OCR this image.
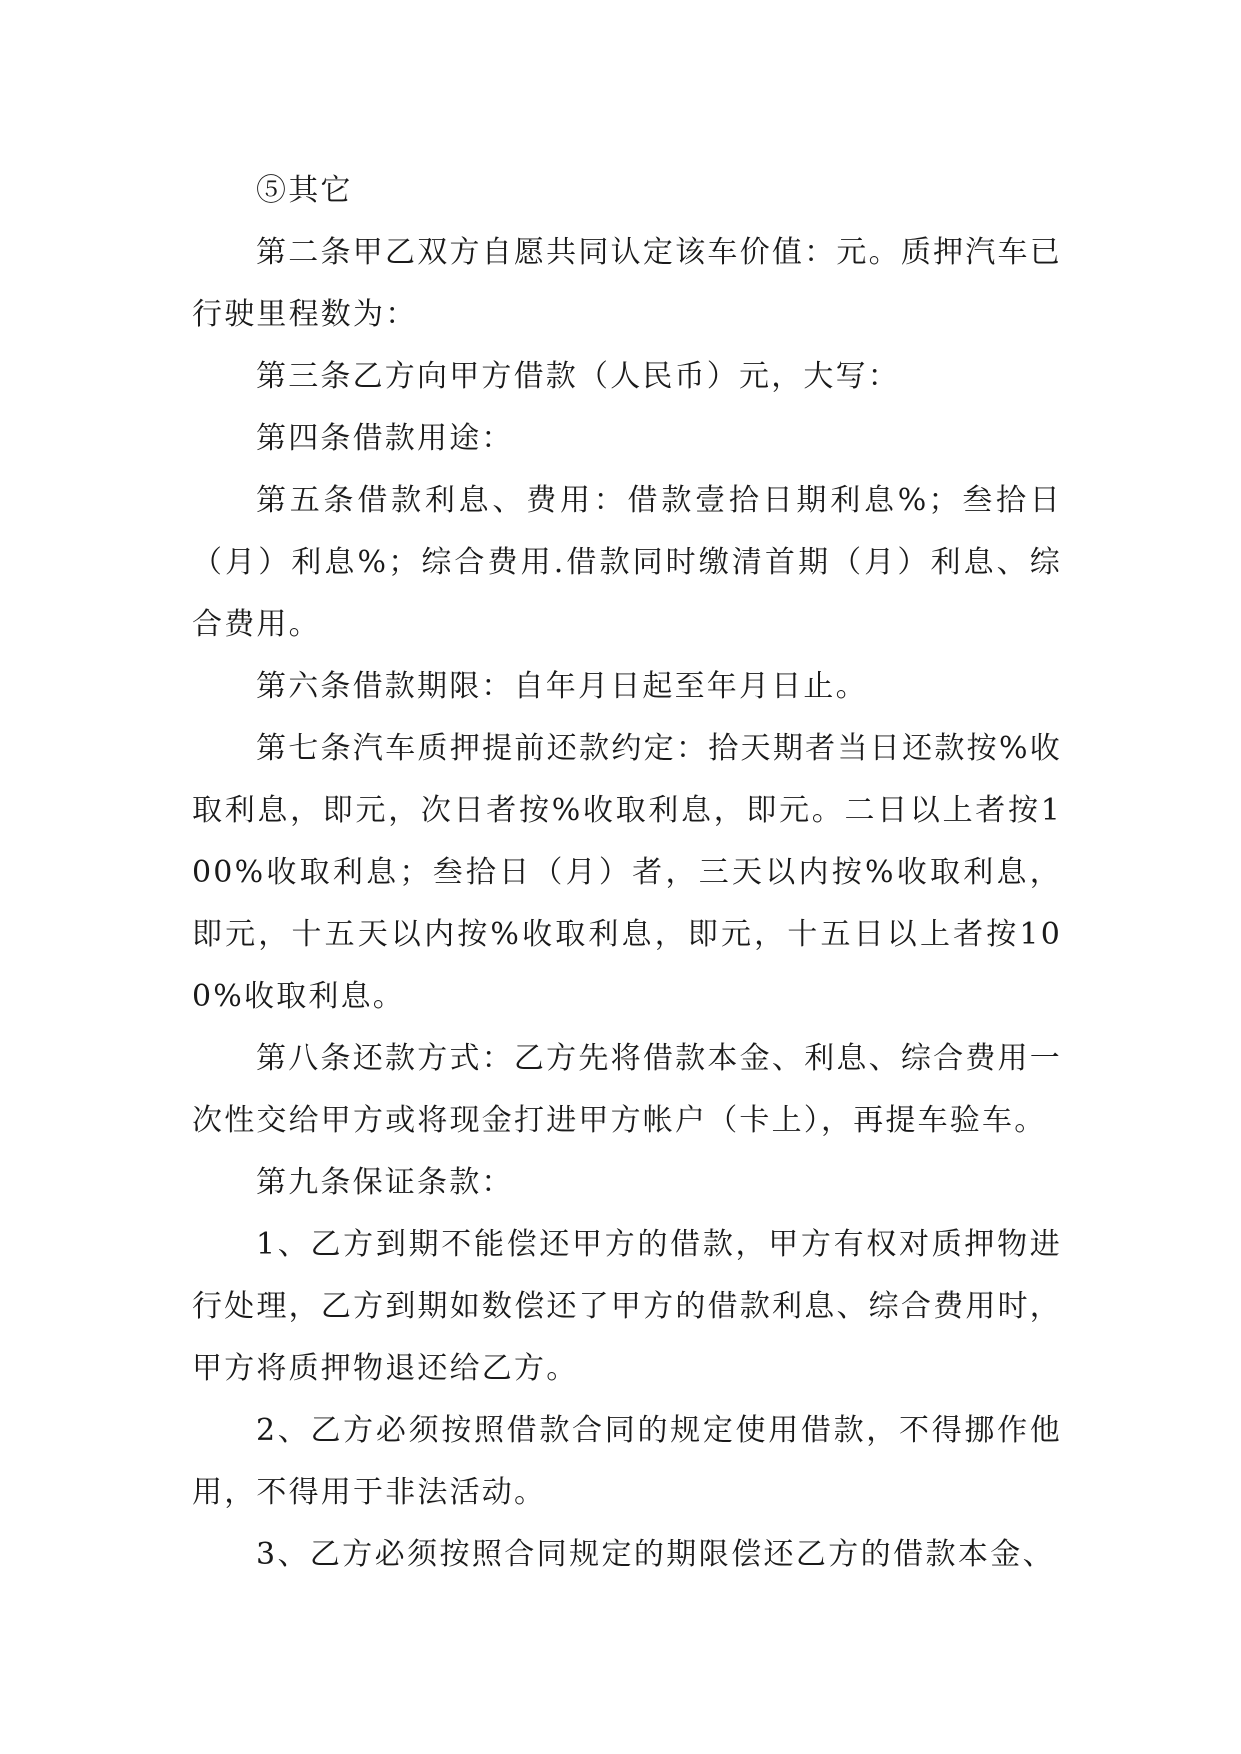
⑤其它

第二条甲乙双方自愿共同认定该车价值：元。质押汽车已行驶里程数为：

第三条乙方向甲方借款（人民币）元，大写：

第四条借款用途：

第五条借款利息、费用：借款壹拾日期利息%；叁拾日（月）利息%；综合费用.借款同时缴清首期（月）利息、综合费用。

第六条借款期限：自年月日起至年月日止。

第七条汽车质押提前还款约定：拾天期者当日还款按%收取利息，即元，次日者按%收取利息，即元。二日以上者按100%收取利息；叁拾日（月）者，三天以内按%收取利息，即元，十五天以内按%收取利息，即元，十五日以上者按100%收取利息。

第八条还款方式：乙方先将借款本金、利息、综合费用一次性交给甲方或将现金打进甲方帐户（卡上），再提车验车。

第九条保证条款：

1、乙方到期不能偿还甲方的借款，甲方有权对质押物进行处理，乙方到期如数偿还了甲方的借款利息、综合费用时，甲方将质押物退还给乙方。

2、乙方必须按照借款合同的规定使用借款，不得挪作他用，不得用于非法活动。

3、乙方必须按照合同规定的期限偿还乙方的借款本金、
